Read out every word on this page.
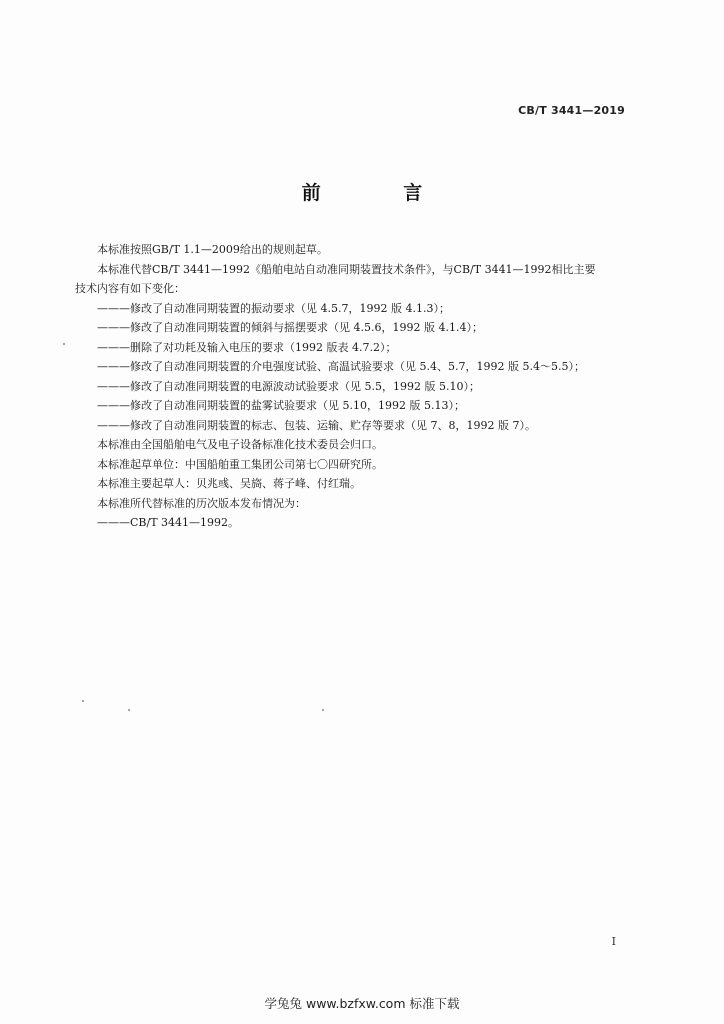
CB/T 3441—2019
前 言

本标准按照GB/T 1.1—2009给出的规则起草。

本标准代替CB/T 3441—1992《船舶电站自动准同期装置技术条件》，与CB/T 3441—1992相比主要

技术内容有如下变化：

———修改了自动准同期装置的振动要求（见 4.5.7，1992 版 4.1.3）；

———修改了自动准同期装置的倾斜与摇摆要求（见 4.5.6，1992 版 4.1.4）；

———删除了对功耗及输入电压的要求（1992 版表 4.7.2）；

———修改了自动准同期装置的介电强度试验、高温试验要求（见 5.4、5.7，1992 版 5.4～5.5）；

———修改了自动准同期装置的电源波动试验要求（见 5.5，1992 版 5.10）；

———修改了自动准同期装置的盐雾试验要求（见 5.10，1992 版 5.13）；

———修改了自动准同期装置的标志、包装、运输、贮存等要求（见 7、8，1992 版 7）。

本标准由全国船舶电气及电子设备标准化技术委员会归口。

本标准起草单位：中国船舶重工集团公司第七〇四研究所。

本标准主要起草人：贝兆彧、吴旖、蒋子峰、付红瑞。

本标准所代替标准的历次版本发布情况为：

———CB/T 3441—1992。

I
学兔兔 www.bzfxw.com 标准下载
